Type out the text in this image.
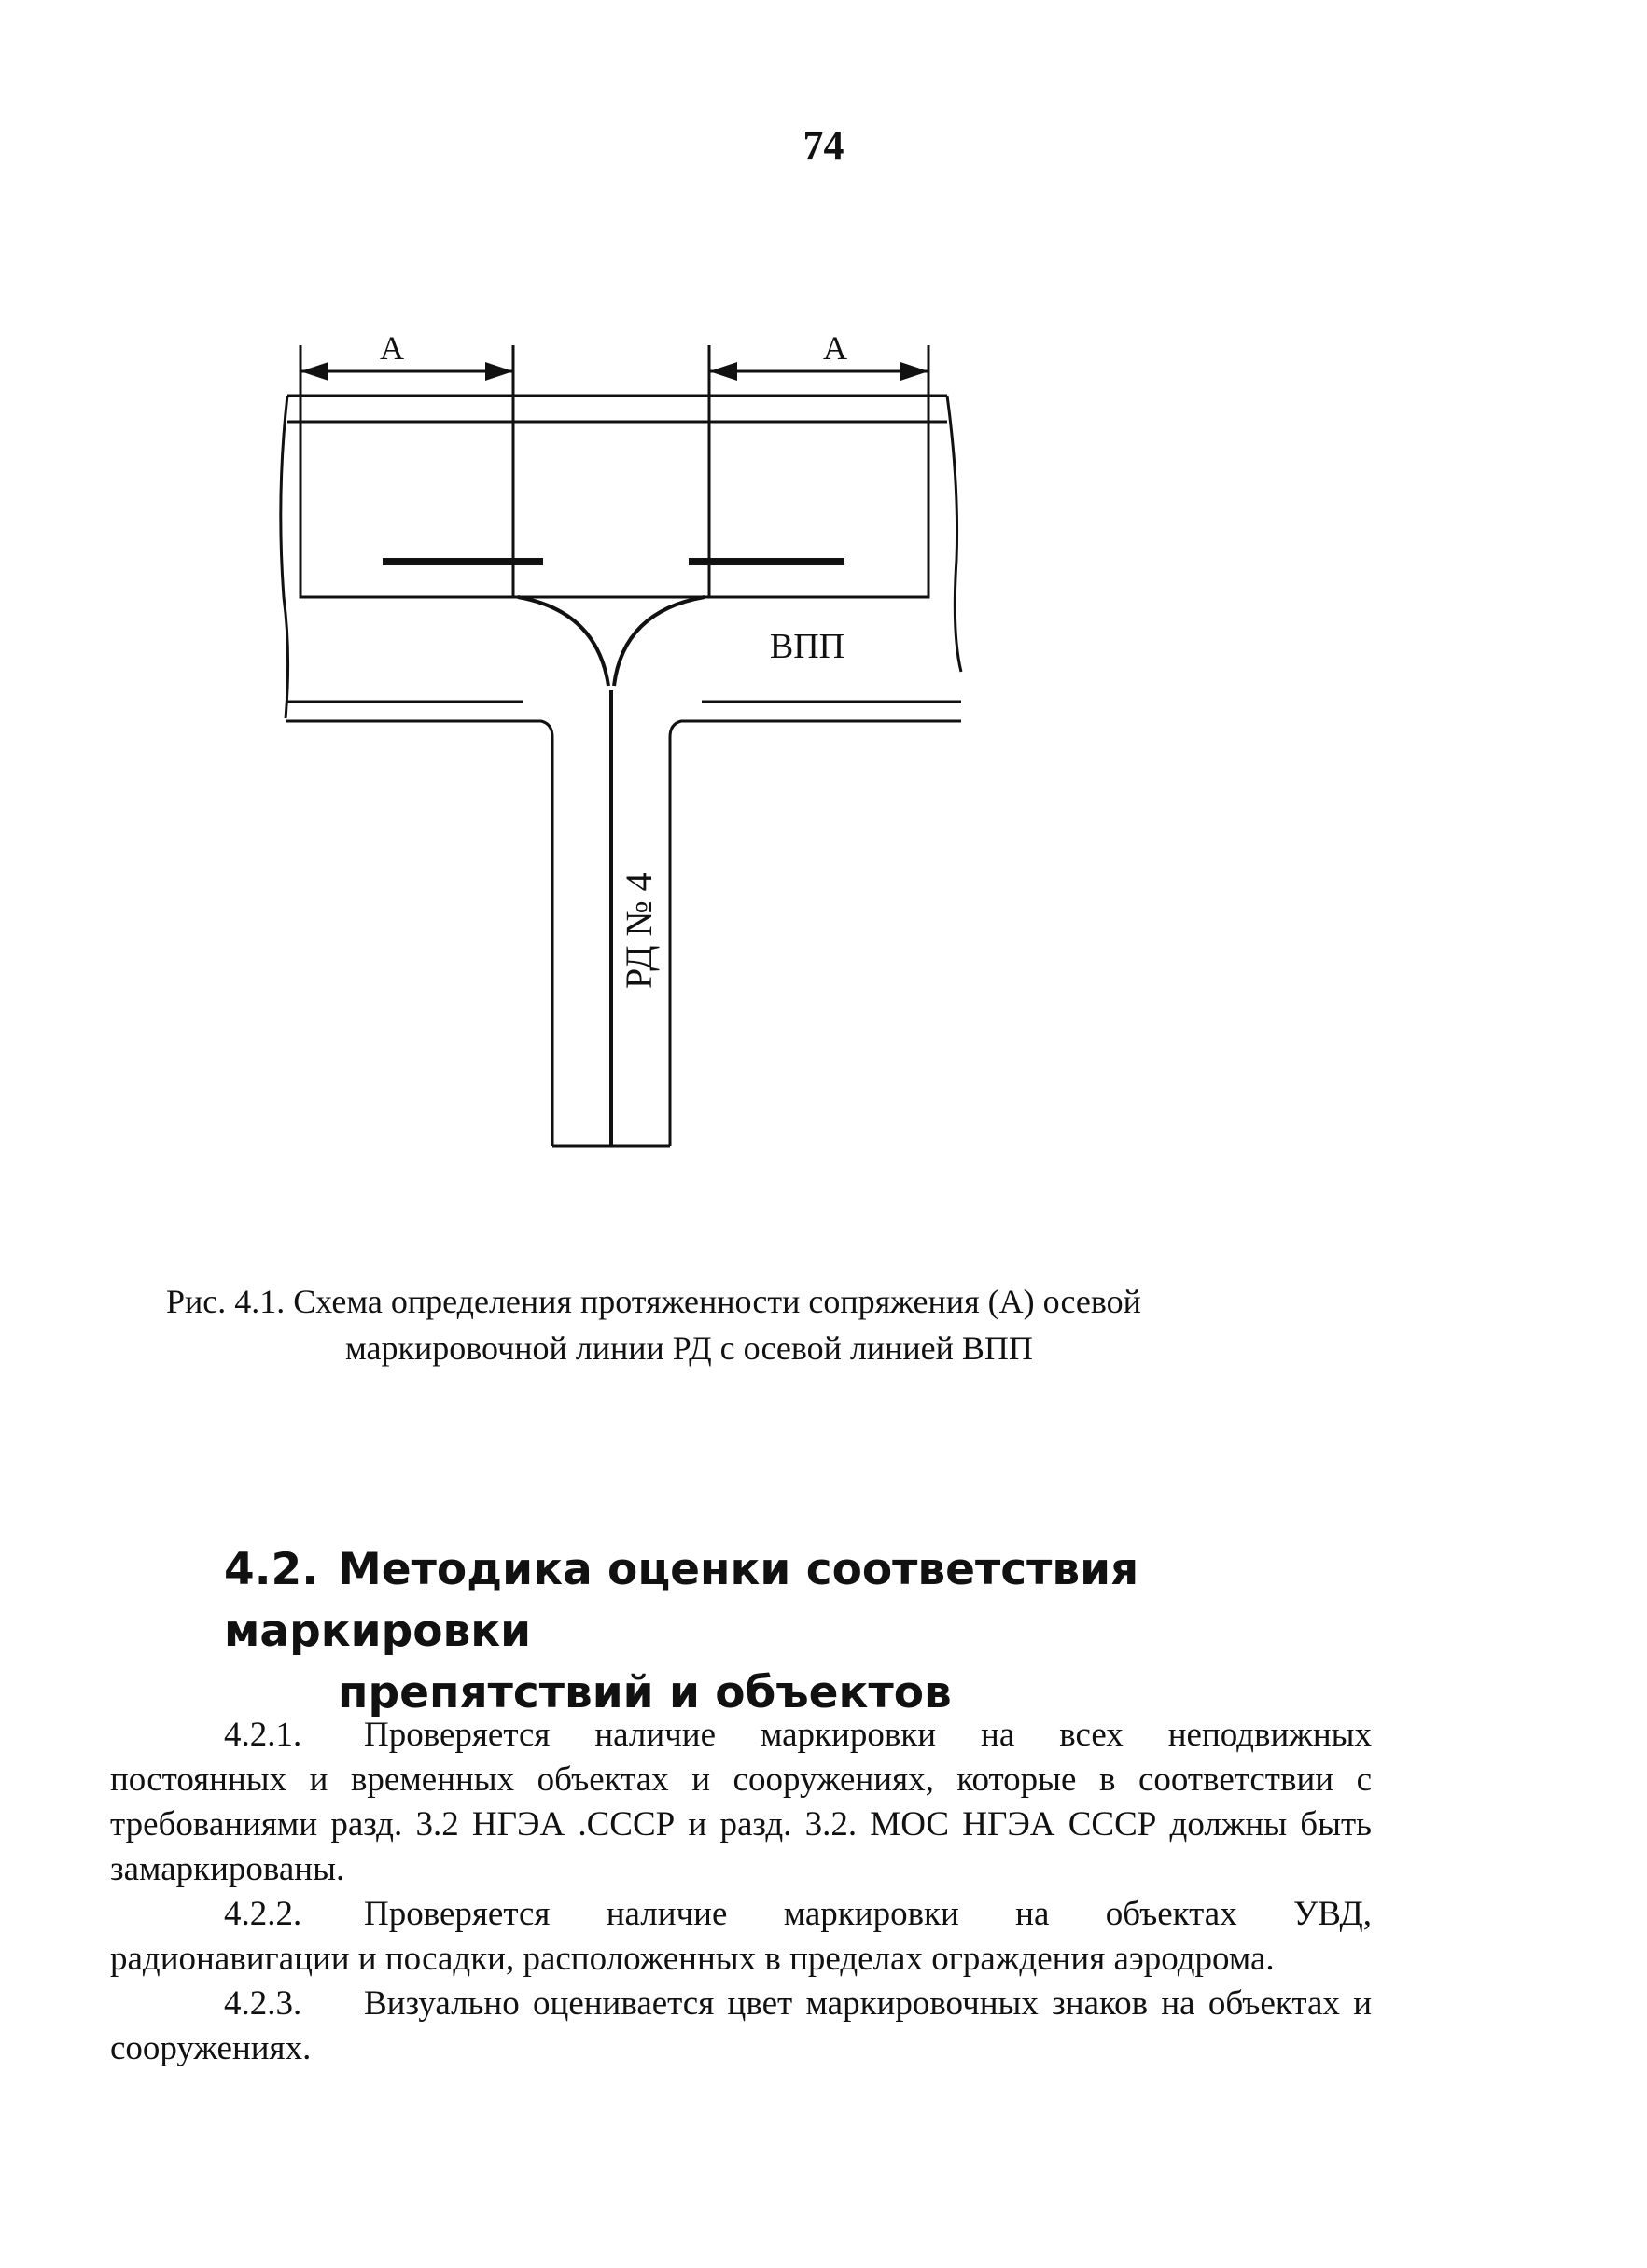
74
А	А
ВПП
РД № 4
Рис. 4.1. Схема определения протяженности сопряжения (А) осевой
маркировочной линии РД с осевой линией ВПП
4.2. Методика оценки соответствия маркировки
препятствий и объектов

4.2.1. Проверяется наличие маркировки на всех неподвижных постоянных и временных объектах и сооружениях, которые в соответствии с требованиями разд. 3.2 НГЭА .СССР и разд. 3.2. МОС НГЭА СССР должны быть замаркированы.

4.2.2. Проверяется наличие маркировки на объектах УВД, радионавигации и посадки, расположенных в пределах ограждения аэродрома.

4.2.3. Визуально оценивается цвет маркировочных знаков на объектах и сооружениях.
